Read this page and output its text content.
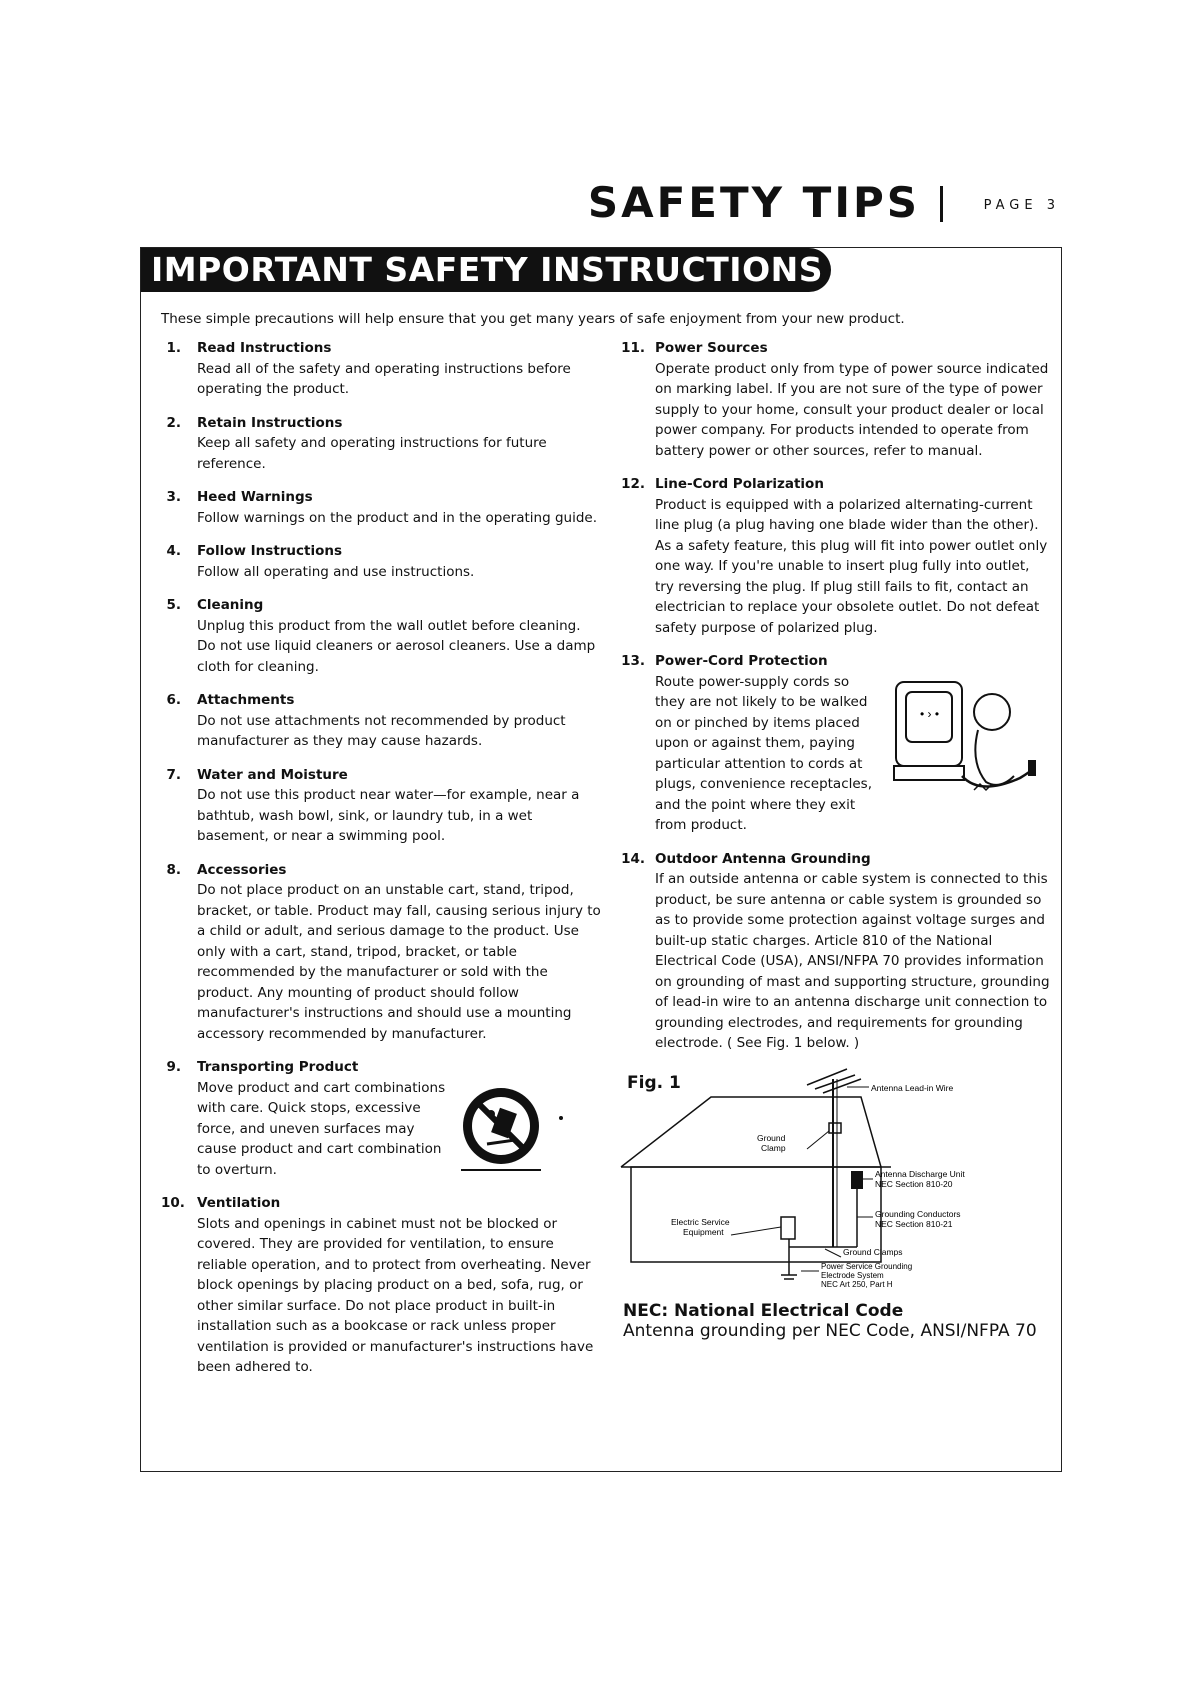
SAFETY TIPS	PAGE 3
IMPORTANT SAFETY INSTRUCTIONS
These simple precautions will help ensure that you get many years of safe enjoyment from your new product.
1.	Read Instructions
Read all of the safety and operating instructions before operating the product.
2.	Retain Instructions
Keep all safety and operating instructions for future reference.
3.	Heed Warnings
Follow warnings on the product and in the operating guide.
4.	Follow Instructions
Follow all operating and use instructions.
5.	Cleaning
Unplug this product from the wall outlet before cleaning. Do not use liquid cleaners or aerosol cleaners. Use a damp cloth for cleaning.
6.	Attachments
Do not use attachments not recommended by product manufacturer as they may cause hazards.
7.	Water and Moisture
Do not use this product near water—for example, near a bathtub, wash bowl, sink, or laundry tub, in a wet basement, or near a swimming pool.
8.	Accessories
Do not place product on an unstable cart, stand, tripod, bracket, or table. Product may fall, causing serious injury to a child or adult, and serious damage to the product. Use only with a cart, stand, tripod, bracket, or table recommended by the manufacturer or sold with the product. Any mounting of product should follow manufacturer's instructions and should use a mounting accessory recommended by manufacturer.
9.	Transporting Product
Move product and cart combinations with care. Quick stops, excessive force, and uneven surfaces may cause product and cart combination to overturn.
10. Ventilation
Slots and openings in cabinet must not be blocked or covered. They are provided for ventilation, to ensure reliable operation, and to protect from overheating. Never block openings by placing product on a bed, sofa, rug, or other similar surface. Do not place product in built-in installation such as a bookcase or rack unless proper ventilation is provided or manufacturer's instructions have been adhered to.
11. Power Sources
Operate product only from type of power source indicated on marking label. If you are not sure of the type of power supply to your home, consult your product dealer or local power company. For products intended to operate from battery power or other sources, refer to manual.
12. Line-Cord Polarization
Product is equipped with a polarized alternating-current line plug (a plug having one blade wider than the other). As a safety feature, this plug will fit into power outlet only one way. If you're unable to insert plug fully into outlet, try reversing the plug. If plug still fails to fit, contact an electrician to replace your obsolete outlet. Do not defeat safety purpose of polarized plug.
13. Power-Cord Protection
Route power-supply cords so they are not likely to be walked on or pinched by items placed upon or against them, paying particular attention to cords at plugs, convenience receptacles, and the point where they exit from product.
• › •
14. Outdoor Antenna Grounding
If an outside antenna or cable system is connected to this product, be sure antenna or cable system is grounded so as to provide some protection against voltage surges and built-up static charges. Article 810 of the National Electrical Code (USA), ANSI/NFPA 70 provides information on grounding of mast and supporting structure, grounding of lead-in wire to an antenna discharge unit connection to grounding electrodes, and requirements for grounding electrode. ( See Fig. 1 below. )
Fig. 1	Antenna Lead-in Wire
Ground
Clamp
Antenna Discharge Unit
NEC Section 810-20
Grounding Conductors
NEC Section 810-21
Electric Service
Equipment
Ground Clamps
Power Service Grounding
Electrode System
NEC Art 250, Part H
NEC: National Electrical Code
Antenna grounding per NEC Code, ANSI/NFPA 70
